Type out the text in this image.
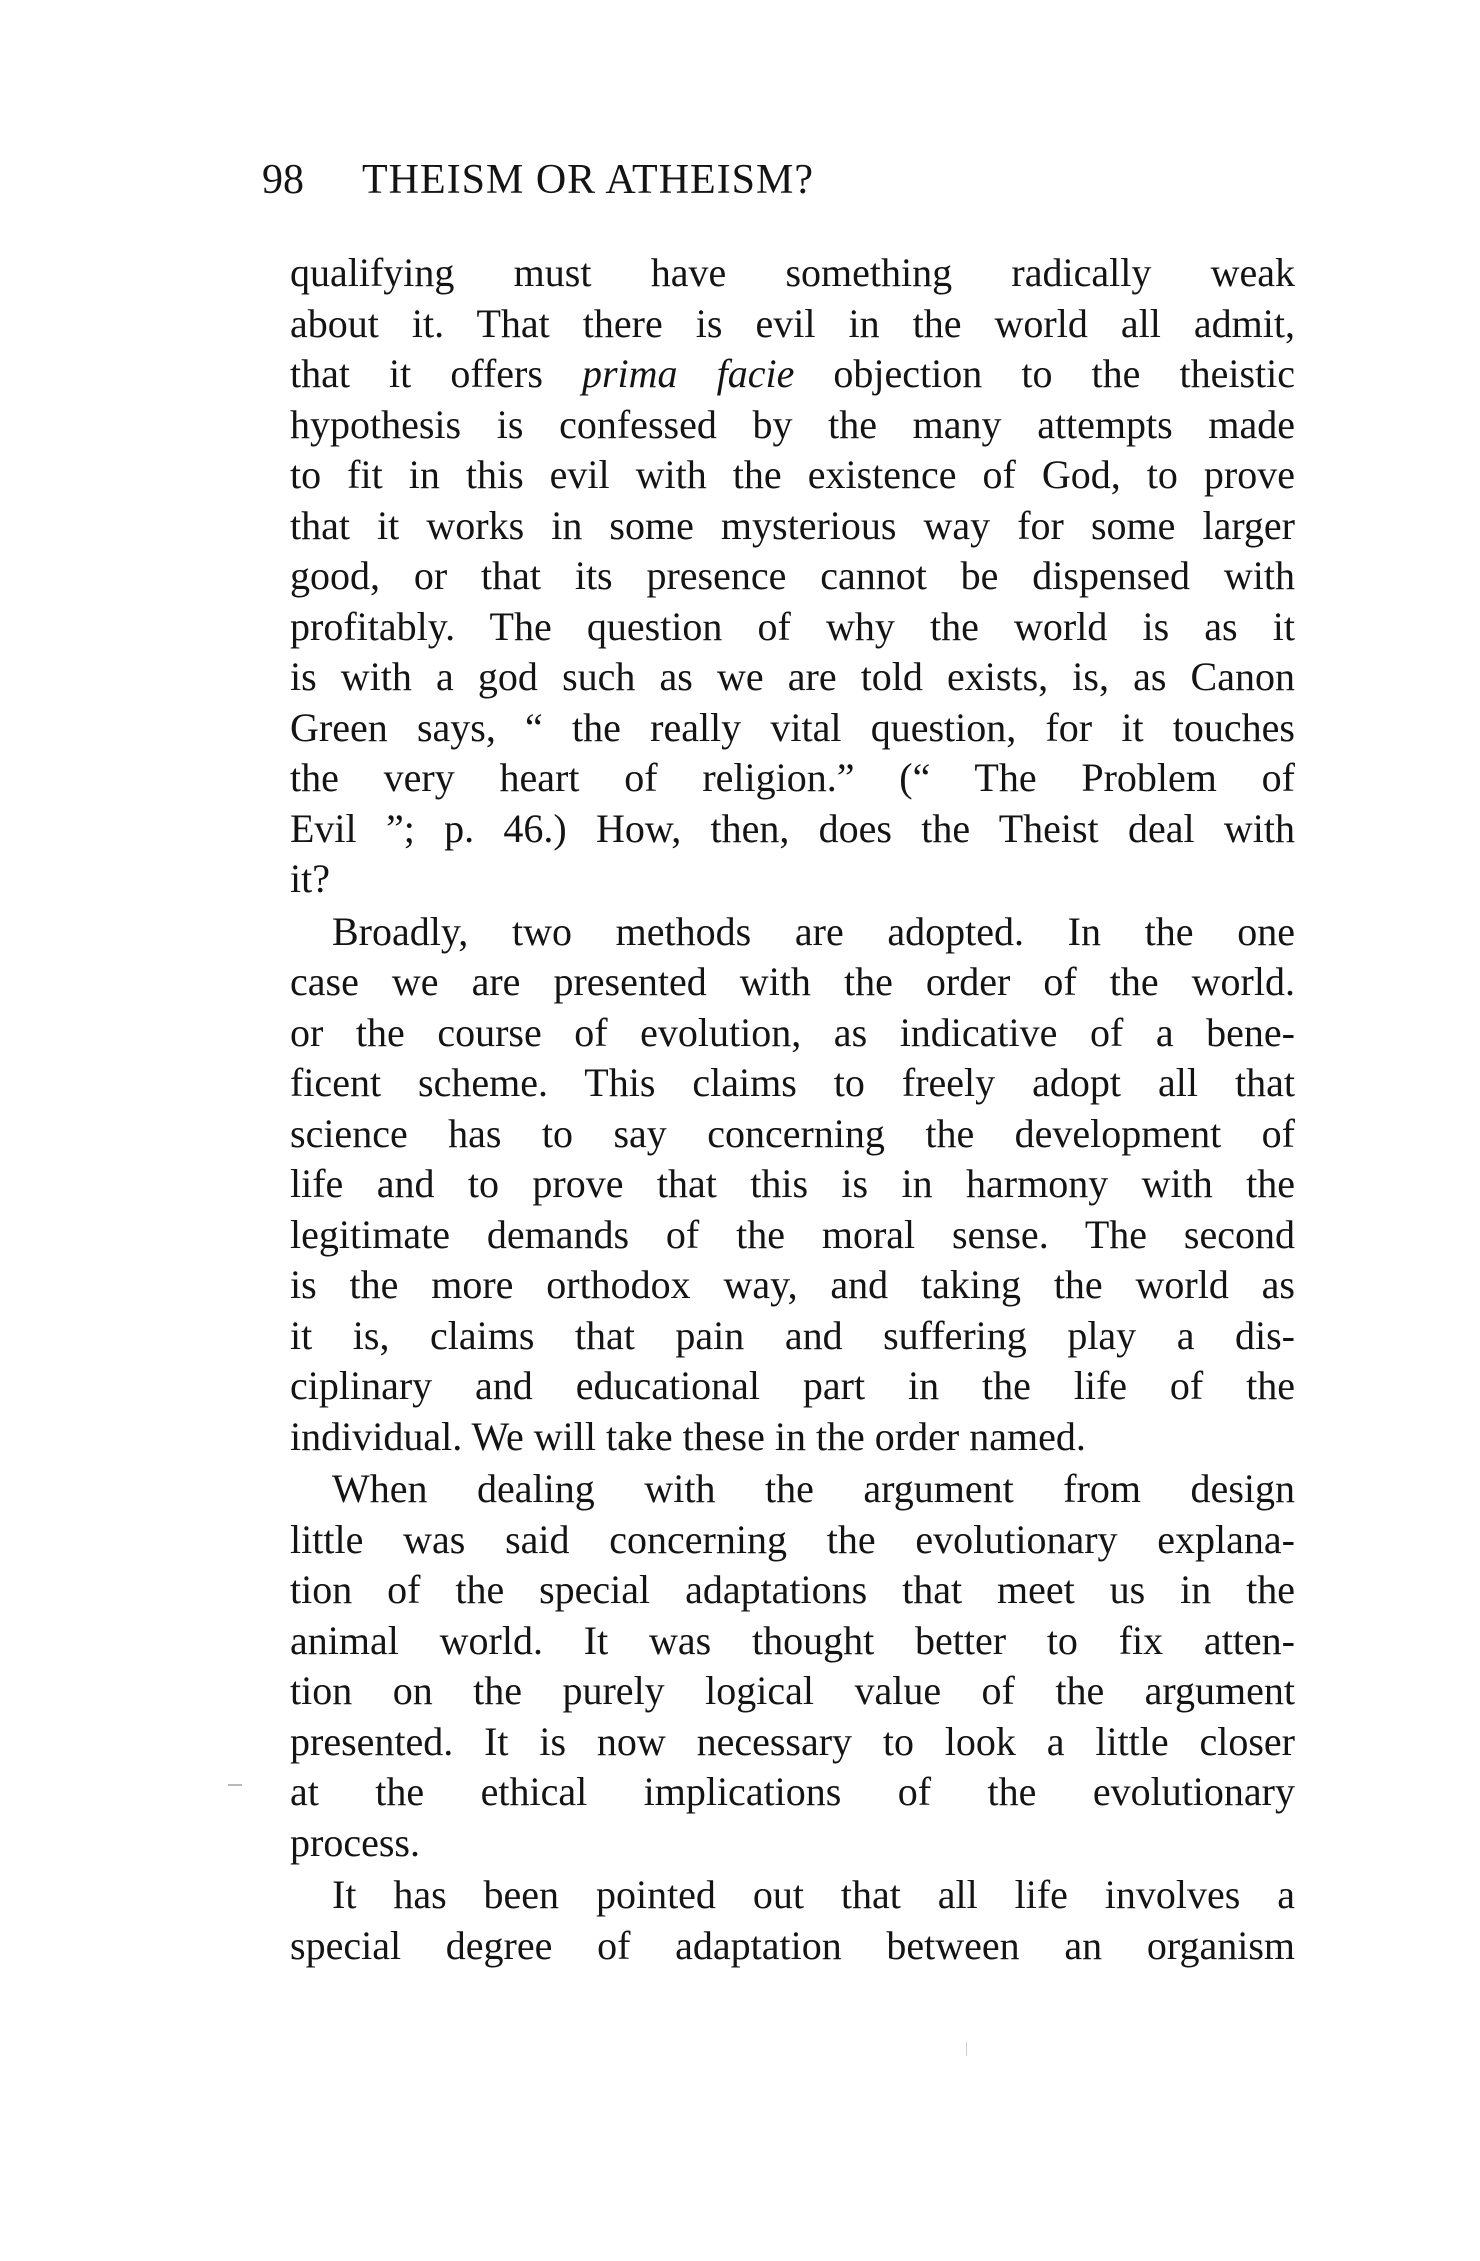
98 THEISM OR ATHEISM?
qualifying must have something radically weak
about it. That there is evil in the world all admit,
that it offers prima facie objection to the theistic
hypothesis is confessed by the many attempts made
to fit in this evil with the existence of God, to prove
that it works in some mysterious way for some larger
good, or that its presence cannot be dispensed with
profitably. The question of why the world is as it
is with a god such as we are told exists, is, as Canon
Green says, “ the really vital question, for it touches
the very heart of religion.” (“ The Problem of
Evil ”; p. 46.) How, then, does the Theist deal with
it?
Broadly, two methods are adopted. In the one
case we are presented with the order of the world.
or the course of evolution, as indicative of a bene-
ficent scheme. This claims to freely adopt all that
science has to say concerning the development of
life and to prove that this is in harmony with the
legitimate demands of the moral sense. The second
is the more orthodox way, and taking the world as
it is, claims that pain and suffering play a dis-
ciplinary and educational part in the life of the
individual. We will take these in the order named.
When dealing with the argument from design
little was said concerning the evolutionary explana-
tion of the special adaptations that meet us in the
animal world. It was thought better to fix atten-
tion on the purely logical value of the argument
presented. It is now necessary to look a little closer
at the ethical implications of the evolutionary
process.
It has been pointed out that all life involves a
special degree of adaptation between an organism
